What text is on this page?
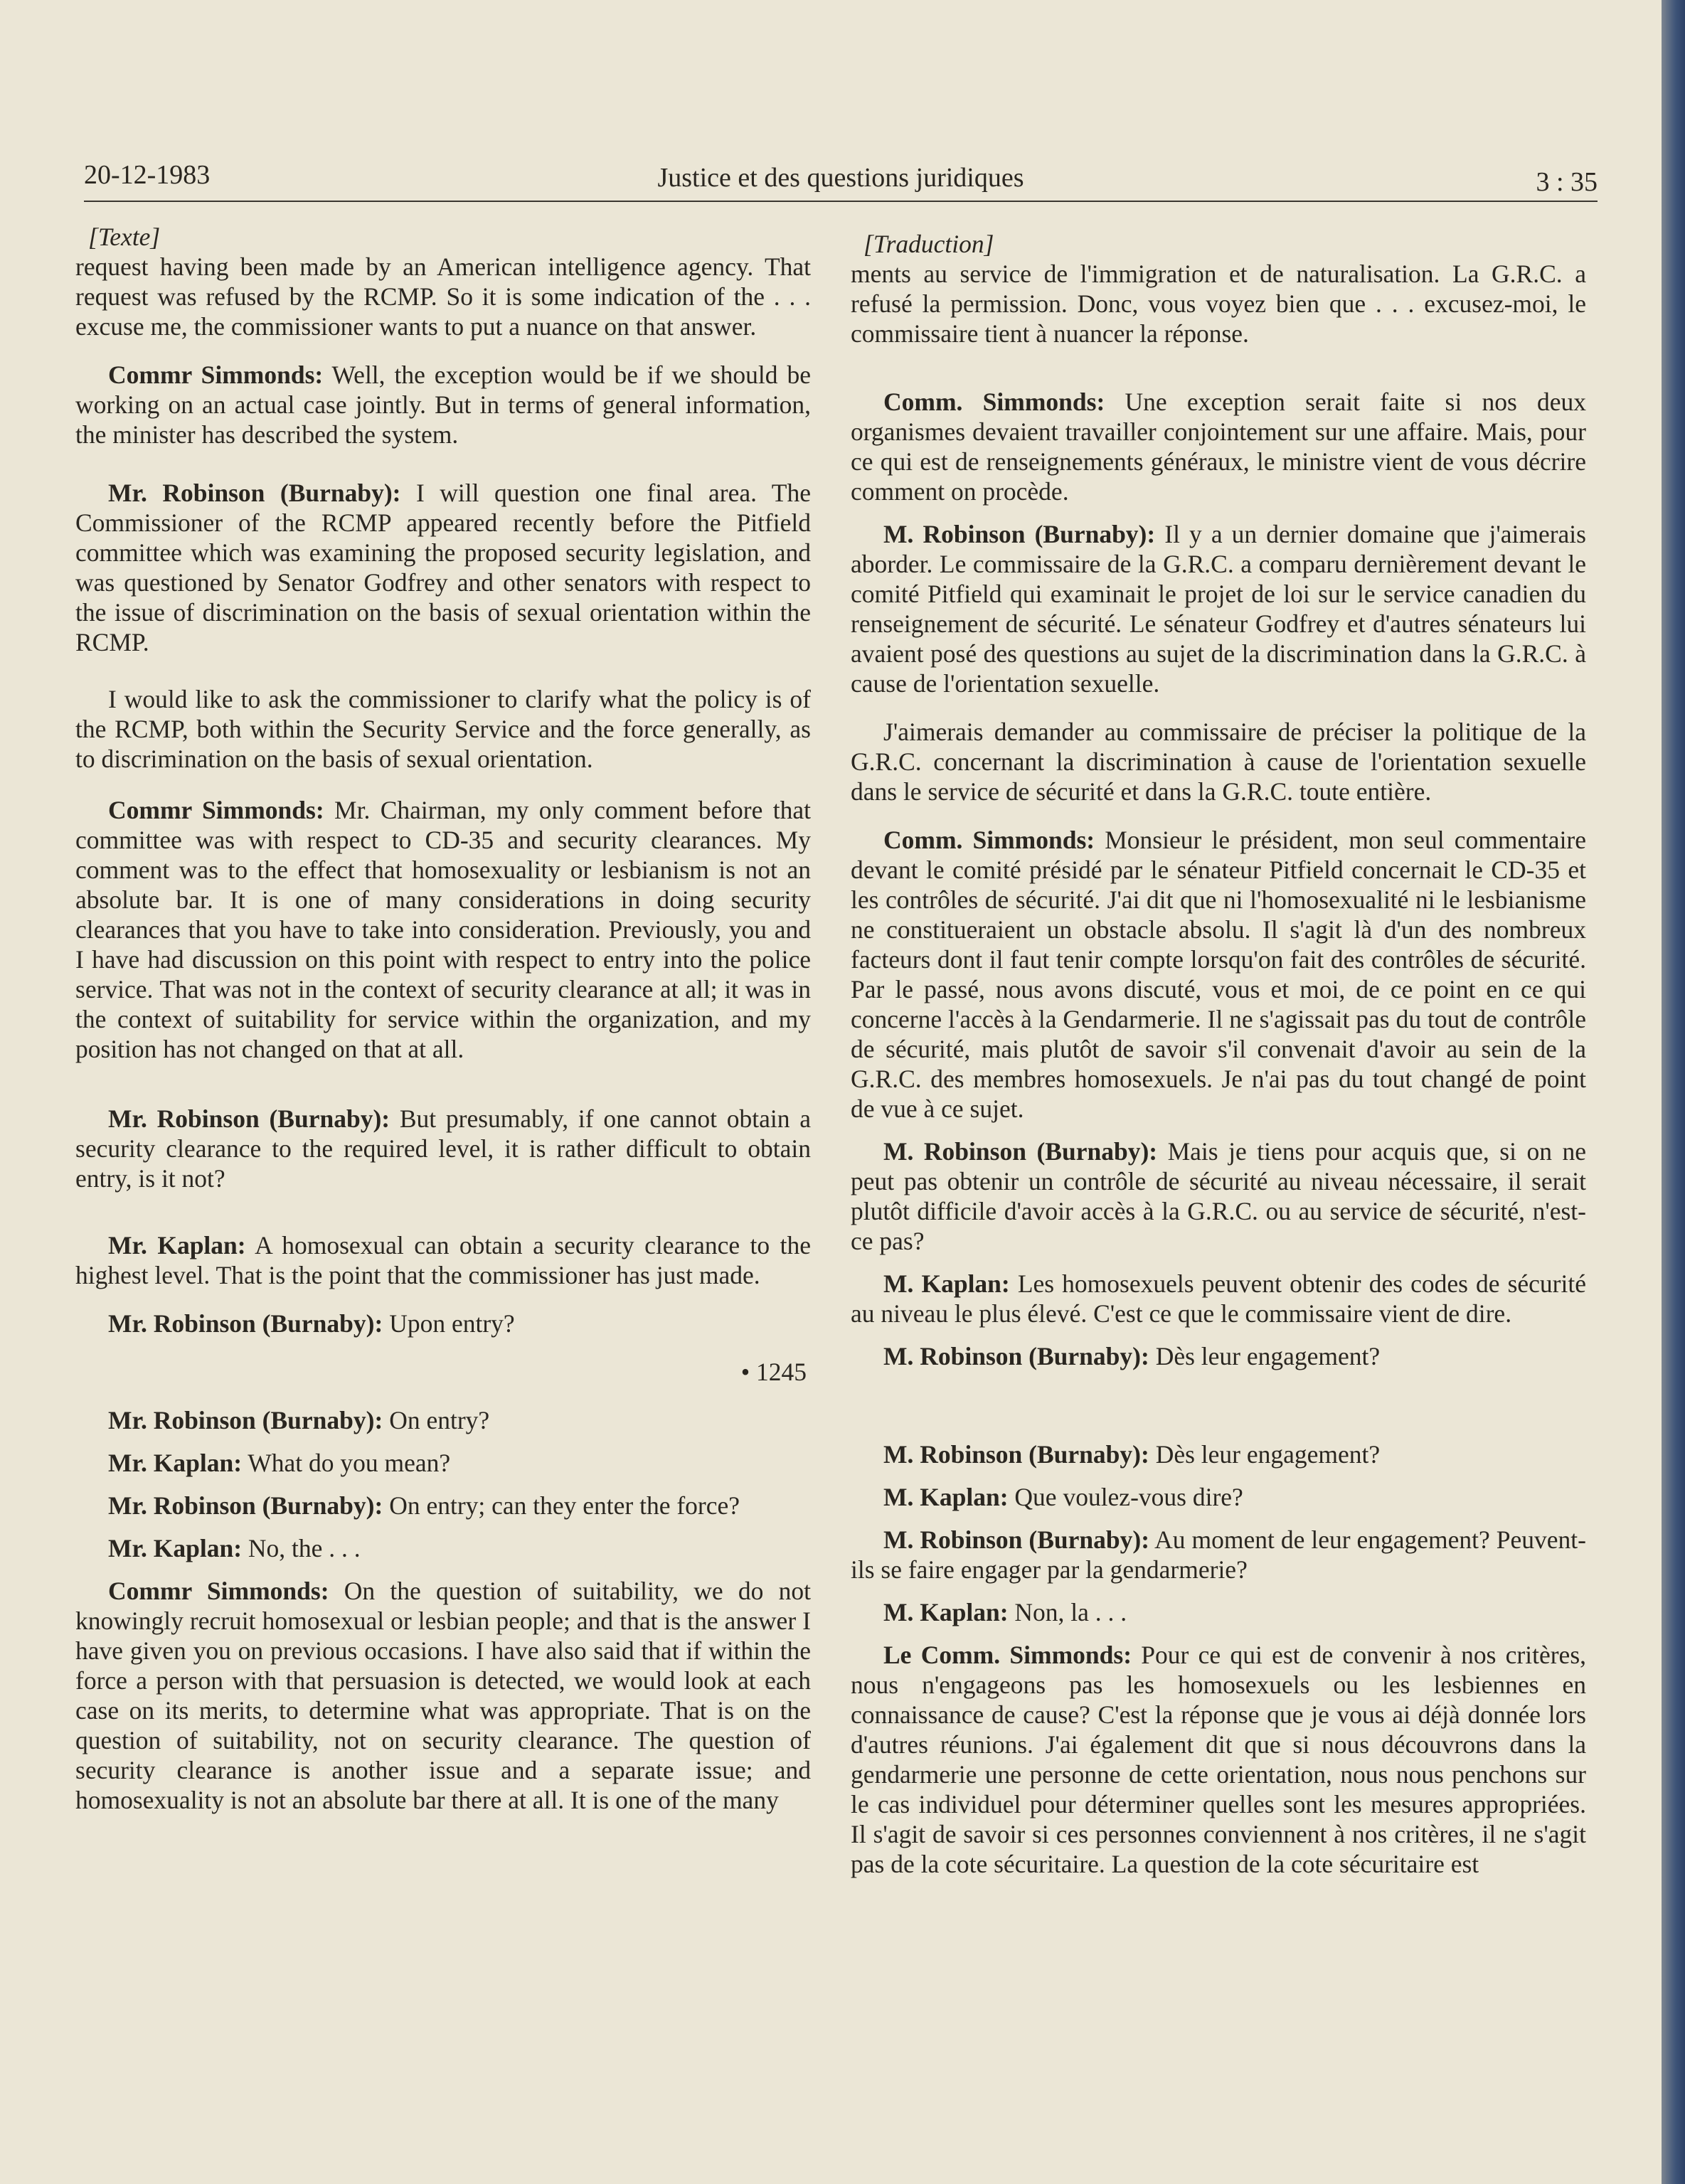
20-12-1983	Justice et des questions juridiques	3 : 35

[Texte]

request having been made by an American intelligence agency. That request was refused by the RCMP. So it is some indication of the . . . excuse me, the commissioner wants to put a nuance on that answer.

Commr Simmonds: Well, the exception would be if we should be working on an actual case jointly. But in terms of general information, the minister has described the system.

Mr. Robinson (Burnaby): I will question one final area. The Commissioner of the RCMP appeared recently before the Pitfield committee which was examining the proposed security legislation, and was questioned by Senator Godfrey and other senators with respect to the issue of discrimination on the basis of sexual orientation within the RCMP.

I would like to ask the commissioner to clarify what the policy is of the RCMP, both within the Security Service and the force generally, as to discrimination on the basis of sexual orientation.

Commr Simmonds: Mr. Chairman, my only comment before that committee was with respect to CD-35 and security clearances. My comment was to the effect that homosexuality or lesbianism is not an absolute bar. It is one of many considerations in doing security clearances that you have to take into consideration. Previously, you and I have had discussion on this point with respect to entry into the police service. That was not in the context of security clearance at all; it was in the context of suitability for service within the organization, and my position has not changed on that at all.

Mr. Robinson (Burnaby): But presumably, if one cannot obtain a security clearance to the required level, it is rather difficult to obtain entry, is it not?

Mr. Kaplan: A homosexual can obtain a security clearance to the highest level. That is the point that the commissioner has just made.

Mr. Robinson (Burnaby): Upon entry?

• 1245

Mr. Robinson (Burnaby): On entry?

Mr. Kaplan: What do you mean?

Mr. Robinson (Burnaby): On entry; can they enter the force?

Mr. Kaplan: No, the . . .

Commr Simmonds: On the question of suitability, we do not knowingly recruit homosexual or lesbian people; and that is the answer I have given you on previous occasions. I have also said that if within the force a person with that persuasion is detected, we would look at each case on its merits, to determine what was appropriate. That is on the question of suitability, not on security clearance. The question of security clearance is another issue and a separate issue; and homosexuality is not an absolute bar there at all. It is one of the many

[Traduction]

ments au service de l'immigration et de naturalisation. La G.R.C. a refusé la permission. Donc, vous voyez bien que . . . excusez-moi, le commissaire tient à nuancer la réponse.

Comm. Simmonds: Une exception serait faite si nos deux organismes devaient travailler conjointement sur une affaire. Mais, pour ce qui est de renseignements généraux, le ministre vient de vous décrire comment on procède.

M. Robinson (Burnaby): Il y a un dernier domaine que j'aimerais aborder. Le commissaire de la G.R.C. a comparu dernièrement devant le comité Pitfield qui examinait le projet de loi sur le service canadien du renseignement de sécurité. Le sénateur Godfrey et d'autres sénateurs lui avaient posé des questions au sujet de la discrimination dans la G.R.C. à cause de l'orientation sexuelle.

J'aimerais demander au commissaire de préciser la politique de la G.R.C. concernant la discrimination à cause de l'orientation sexuelle dans le service de sécurité et dans la G.R.C. toute entière.

Comm. Simmonds: Monsieur le président, mon seul commentaire devant le comité présidé par le sénateur Pitfield concernait le CD-35 et les contrôles de sécurité. J'ai dit que ni l'homosexualité ni le lesbianisme ne constitueraient un obstacle absolu. Il s'agit là d'un des nombreux facteurs dont il faut tenir compte lorsqu'on fait des contrôles de sécurité. Par le passé, nous avons discuté, vous et moi, de ce point en ce qui concerne l'accès à la Gendarmerie. Il ne s'agissait pas du tout de contrôle de sécurité, mais plutôt de savoir s'il convenait d'avoir au sein de la G.R.C. des membres homosexuels. Je n'ai pas du tout changé de point de vue à ce sujet.

M. Robinson (Burnaby): Mais je tiens pour acquis que, si on ne peut pas obtenir un contrôle de sécurité au niveau nécessaire, il serait plutôt difficile d'avoir accès à la G.R.C. ou au service de sécurité, n'est-ce pas?

M. Kaplan: Les homosexuels peuvent obtenir des codes de sécurité au niveau le plus élevé. C'est ce que le commissaire vient de dire.

M. Robinson (Burnaby): Dès leur engagement?

M. Robinson (Burnaby): Dès leur engagement?

M. Kaplan: Que voulez-vous dire?

M. Robinson (Burnaby): Au moment de leur engagement? Peuvent-ils se faire engager par la gendarmerie?

M. Kaplan: Non, la . . .

Le Comm. Simmonds: Pour ce qui est de convenir à nos critères, nous n'engageons pas les homosexuels ou les lesbiennes en connaissance de cause? C'est la réponse que je vous ai déjà donnée lors d'autres réunions. J'ai également dit que si nous découvrons dans la gendarmerie une personne de cette orientation, nous nous penchons sur le cas individuel pour déterminer quelles sont les mesures appropriées. Il s'agit de savoir si ces personnes conviennent à nos critères, il ne s'agit pas de la cote sécuritaire. La question de la cote sécuritaire est
